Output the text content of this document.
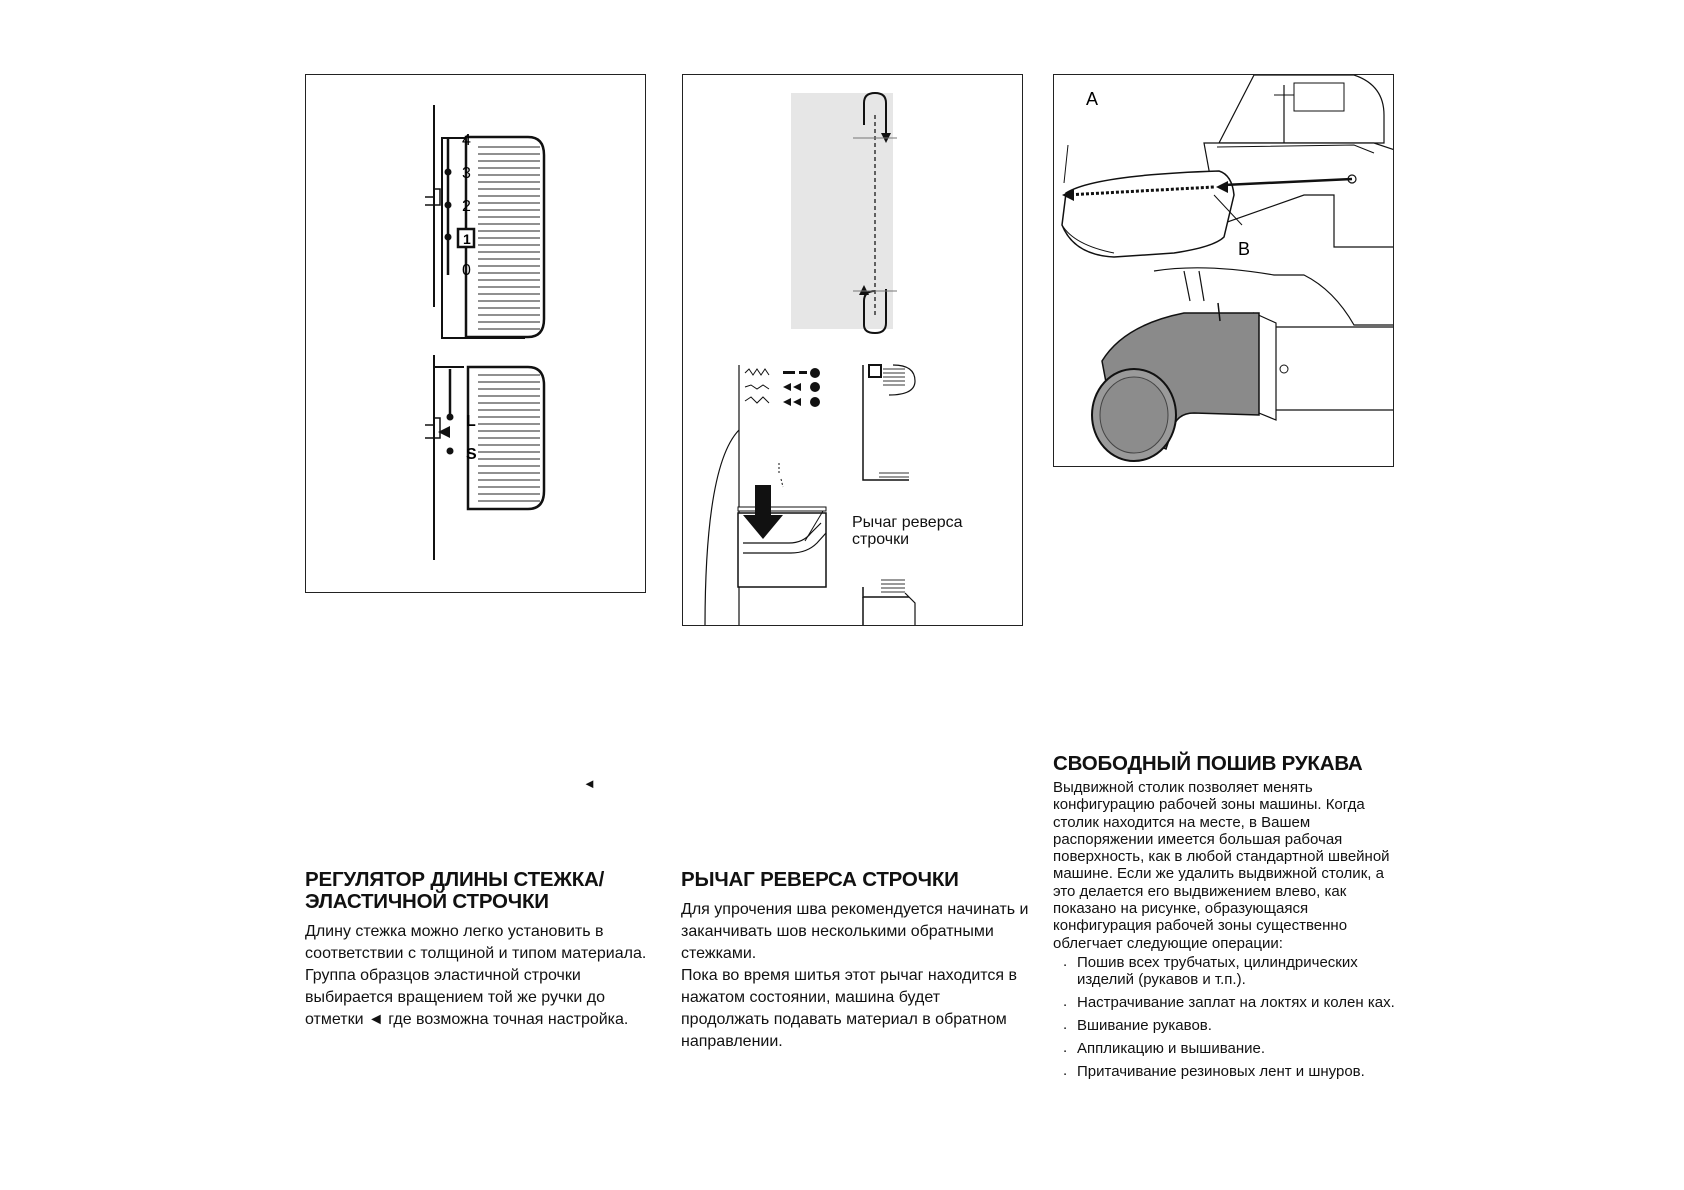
4
3
2
1
0
L
S
Рычаг реверса строчки
A
B
◄
РЕГУЛЯТОР ДЛИНЫ СТЕЖКА/ЭЛАСТИЧНОЙ СТРОЧКИ

Длину стежка можно легко установить в соответствии с толщиной и типом материала.
Группа образцов эластичной строчки выбирается вращением той же ручки до отметки ◄ где возможна точная настройка.

РЫЧАГ РЕВЕРСА СТРОЧКИ

Для упрочения шва рекомендуется начинать и заканчивать шов несколькими обратными стежками.
Пока во время шитья этот рычаг находится в нажатом состоянии, машина будет продолжать подавать материал в обратном направлении.

СВОБОДНЫЙ ПОШИВ РУКАВА

Выдвижной столик позволяет менять конфигурацию рабочей зоны машины. Когда столик находится на месте, в Вашем распоряжении имеется большая рабочая поверхность, как в любой стандартной швейной машине. Если же удалить выдвижной столик, а это делается его выдвижением влево, как показано на рисунке, образующаяся конфигурация рабочей зоны существенно облегчает следующие операции:

. Пошив всех трубчатых, цилиндрических изделий (рукавов и т.п.).
. Настрачивание заплат на локтях и колен ках.
. Вшивание рукавов.
. Аппликацию и вышивание.
. Притачивание резиновых лент и шнуров.
